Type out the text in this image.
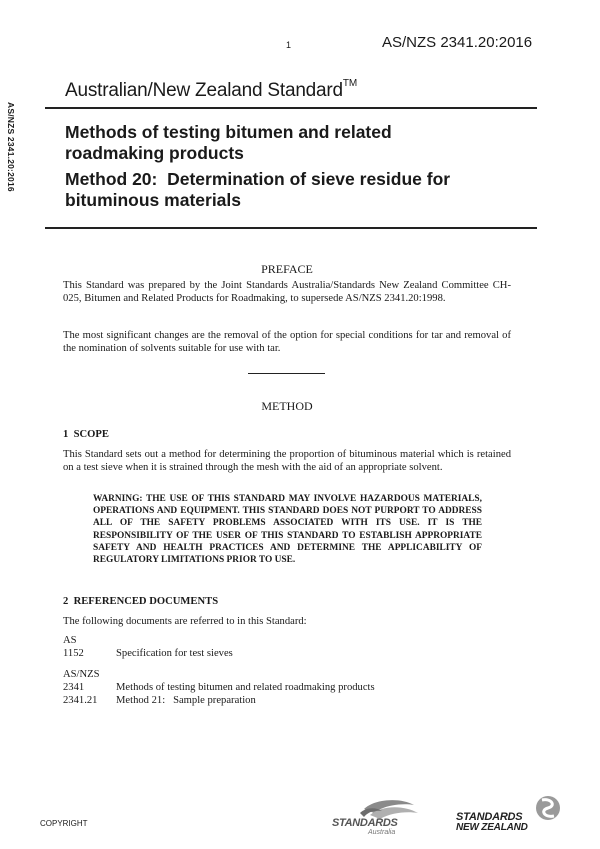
1	AS/NZS 2341.20:2016
Australian/New Zealand Standard™
AS/NZS 2341.20:2016	Methods of testing bitumen and related
roadmaking products
Method 20:  Determination of sieve residue for
bituminous materials
PREFACE
This Standard was prepared by the Joint Standards Australia/Standards New Zealand Committee CH-025, Bitumen and Related Products for Roadmaking, to supersede AS/NZS 2341.20:1998.
The most significant changes are the removal of the option for special conditions for tar and removal of the nomination of solvents suitable for use with tar.
METHOD
1  SCOPE
This Standard sets out a method for determining the proportion of bituminous material which is retained on a test sieve when it is strained through the mesh with the aid of an appropriate solvent.
WARNING: THE USE OF THIS STANDARD MAY INVOLVE HAZARDOUS MATERIALS, OPERATIONS AND EQUIPMENT. THIS STANDARD DOES NOT PURPORT TO ADDRESS ALL OF THE SAFETY PROBLEMS ASSOCIATED WITH ITS USE. IT IS THE RESPONSIBILITY OF THE USER OF THIS STANDARD TO ESTABLISH APPROPRIATE SAFETY AND HEALTH PRACTICES AND DETERMINE THE APPLICABILITY OF REGULATORY LIMITATIONS PRIOR TO USE.
2  REFERENCED DOCUMENTS
The following documents are referred to in this Standard:
AS
1152	Specification for test sieves
AS/NZS
2341	Methods of testing bitumen and related roadmaking products
2341.21	Method 21:   Sample preparation
COPYRIGHT	STANDARDS
Australia
STANDARDS
NEW ZEALAND
